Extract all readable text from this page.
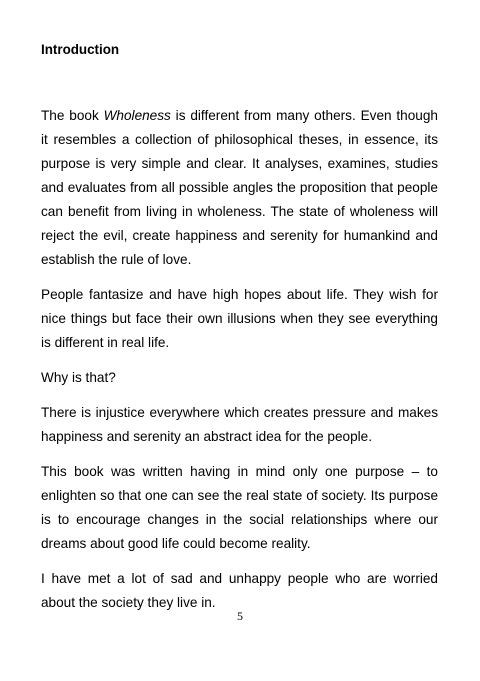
Introduction

The book Wholeness is different from many others. Even though it resembles a collection of philosophical theses, in essence, its purpose is very simple and clear. It analyses, examines, studies and evaluates from all possible angles the proposition that people can benefit from living in wholeness. The state of wholeness will reject the evil, create happiness and serenity for humankind and establish the rule of love.

People fantasize and have high hopes about life. They wish for nice things but face their own illusions when they see everything is different in real life.

Why is that?

There is injustice everywhere which creates pressure and makes happiness and serenity an abstract idea for the people.

This book was written having in mind only one purpose – to enlighten so that one can see the real state of society. Its purpose is to encourage changes in the social relationships where our dreams about good life could become reality.

I have met a lot of sad and unhappy people who are worried about the society they live in.

5
